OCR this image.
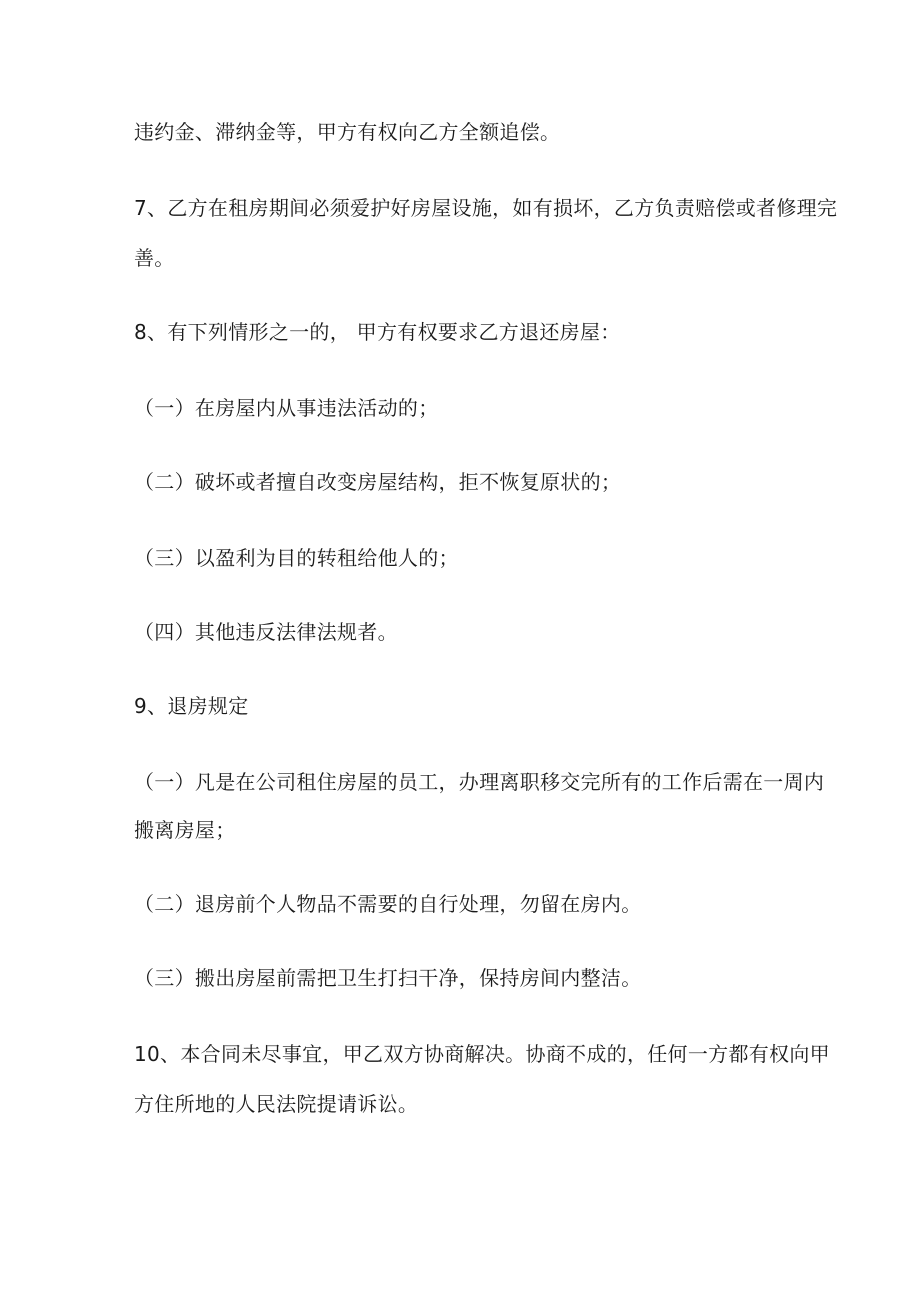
违约金、滞纳金等，甲方有权向乙方全额追偿。
7、乙方在租房期间必须爱护好房屋设施，如有损坏，乙方负责赔偿或者修理完
善。
8、有下列情形之一的， 甲方有权要求乙方退还房屋：
（一）在房屋内从事违法活动的；
（二）破坏或者擅自改变房屋结构，拒不恢复原状的；
（三）以盈利为目的转租给他人的；
（四）其他违反法律法规者。
9、退房规定
（一）凡是在公司租住房屋的员工，办理离职移交完所有的工作后需在一周内
搬离房屋；
（二）退房前个人物品不需要的自行处理，勿留在房内。
（三）搬出房屋前需把卫生打扫干净，保持房间内整洁。
10、本合同未尽事宜，甲乙双方协商解决。协商不成的，任何一方都有权向甲
方住所地的人民法院提请诉讼。
